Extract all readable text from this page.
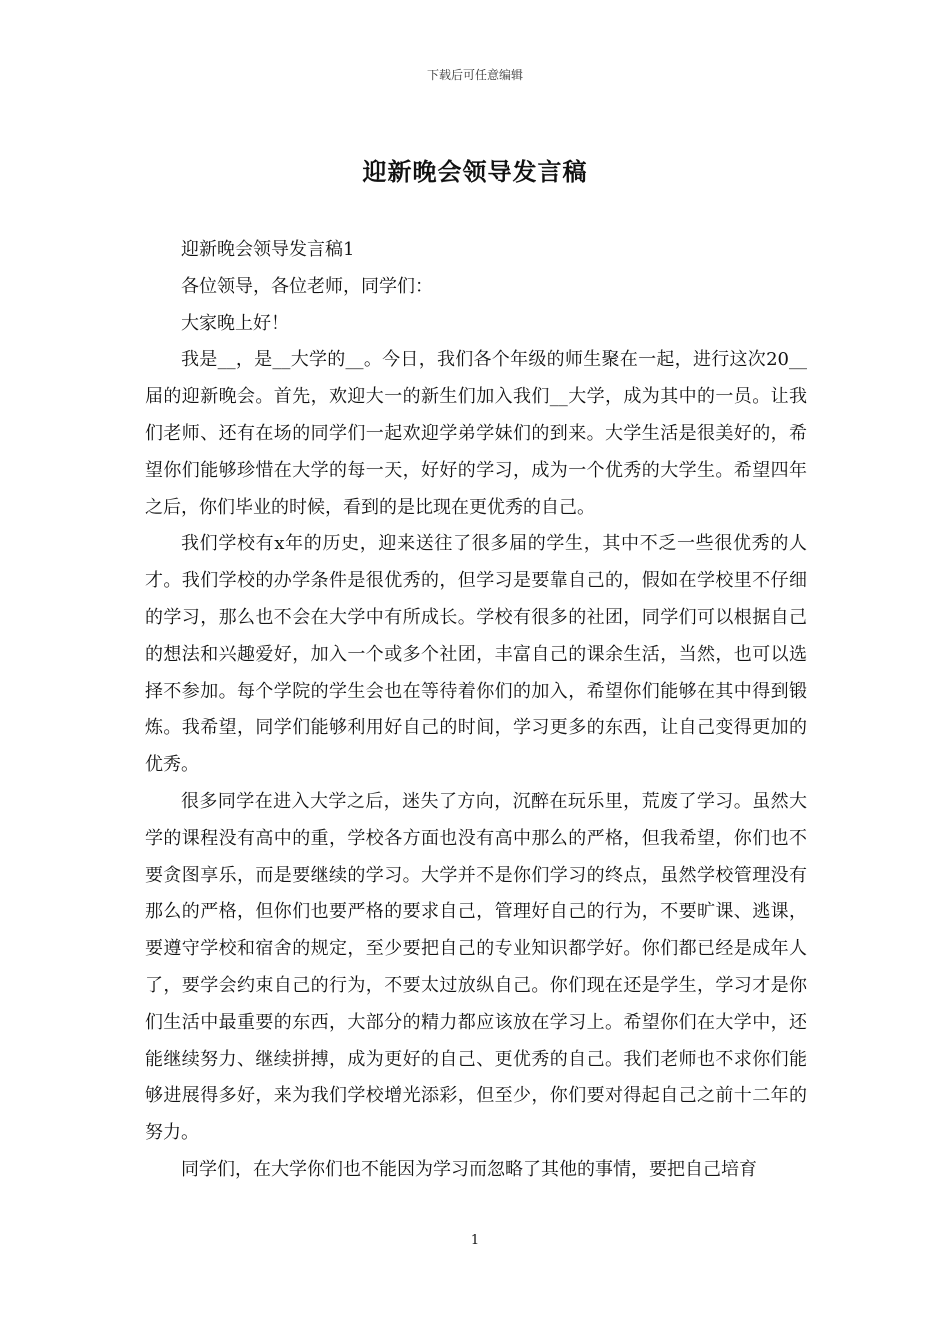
下载后可任意编辑
迎新晚会领导发言稿

迎新晚会领导发言稿1

各位领导，各位老师，同学们：

大家晚上好！

我是__，是__大学的__。今日，我们各个年级的师生聚在一起，进行这次20__届的迎新晚会。首先，欢迎大一的新生们加入我们__大学，成为其中的一员。让我们老师、还有在场的同学们一起欢迎学弟学妹们的到来。大学生活是很美好的，希望你们能够珍惜在大学的每一天，好好的学习，成为一个优秀的大学生。希望四年之后，你们毕业的时候，看到的是比现在更优秀的自己。

我们学校有x年的历史，迎来送往了很多届的学生，其中不乏一些很优秀的人才。我们学校的办学条件是很优秀的，但学习是要靠自己的，假如在学校里不仔细的学习，那么也不会在大学中有所成长。学校有很多的社团，同学们可以根据自己的想法和兴趣爱好，加入一个或多个社团，丰富自己的课余生活，当然，也可以选择不参加。每个学院的学生会也在等待着你们的加入，希望你们能够在其中得到锻炼。我希望，同学们能够利用好自己的时间，学习更多的东西，让自己变得更加的优秀。

很多同学在进入大学之后，迷失了方向，沉醉在玩乐里，荒废了学习。虽然大学的课程没有高中的重，学校各方面也没有高中那么的严格，但我希望，你们也不要贪图享乐，而是要继续的学习。大学并不是你们学习的终点，虽然学校管理没有那么的严格，但你们也要严格的要求自己，管理好自己的行为，不要旷课、逃课，要遵守学校和宿舍的规定，至少要把自己的专业知识都学好。你们都已经是成年人了，要学会约束自己的行为，不要太过放纵自己。你们现在还是学生，学习才是你们生活中最重要的东西，大部分的精力都应该放在学习上。希望你们在大学中，还能继续努力、继续拼搏，成为更好的自己、更优秀的自己。我们老师也不求你们能够进展得多好，来为我们学校增光添彩，但至少，你们要对得起自己之前十二年的努力。

同学们，在大学你们也不能因为学习而忽略了其他的事情，要把自己培育

1
